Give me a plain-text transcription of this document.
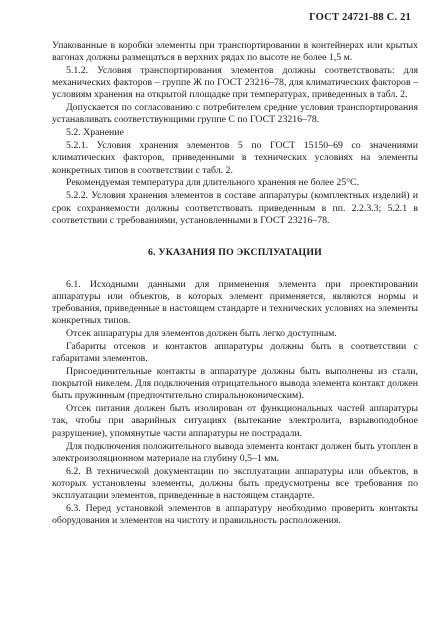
ГОСТ 24721-88 С. 21

Упакованные в коробки элементы при транспортировании в контейнерах или крытых вагонах должны размещаться в верхних рядах по высоте не более 1,5 м.

5.1.2. Условия транспортирования элементов должны соответствовать: для механических факторов – группе Ж по ГОСТ 23216–78, для климатических факторов – условиям хранения на открытой площадке при температурах, приведенных в табл. 2.

Допускается по согласованию с потребителем средние условия транспортирования устанавливать соответствующими группе С по ГОСТ 23216–78.

5.2. Хранение

5.2.1. Условия хранения элементов 5 по ГОСТ 15150–69 со значениями климатических факторов, приведенными в технических условиях на элементы конкретных типов в соответствии с табл. 2.

Рекомендуемая температура для длительного хранения не более 25°С.

5.2.2. Условия хранения элементов в составе аппаратуры (комплектных изделий) и срок сохраняемости должны соответствовать приведенным в пп. 2.2.3.3; 5.2.1 в соответствии с требованиями, установленными в ГОСТ 23216–78.

6. УКАЗАНИЯ ПО ЭКСПЛУАТАЦИИ

6.1. Исходными данными для применения элемента при проектировании аппаратуры или объектов, в которых элемент применяется, являются нормы и требования, приведенные в настоящем стандарте и технических условиях на элементы конкретных типов.

Отсек аппаратуры для элементов должен быть легко доступным.

Габариты отсеков и контактов аппаратуры должны быть в соответствии с габаритами элементов.

Присоединительные контакты в аппаратуре должны быть выполнены из стали, покрытой никелем. Для подключения отрицательного вывода элемента контакт должен быть пружинным (предпочтительно спиральноконическим).

Отсек питания должен быть изолирован от функциональных частей аппаратуры так, чтобы при аварийных ситуациях (вытекание электролита, взрывоподобное разрушение), упомянутые части аппаратуры не пострадали.

Для подключения положительного вывода элемента контакт должен быть утоплен в электроизоляционном материале на глубину 0,5–1 мм.

6.2. В технической документации по эксплуатации аппаратуры или объектов, в которых установлены элементы, должны быть предусмотрены все требования по эксплуатации элементов, приведенные в настоящем стандарте.

6.3. Перед установкой элементов в аппаратуру необходимо проверить контакты оборудования и элементов на чистоту и правильность расположения.
